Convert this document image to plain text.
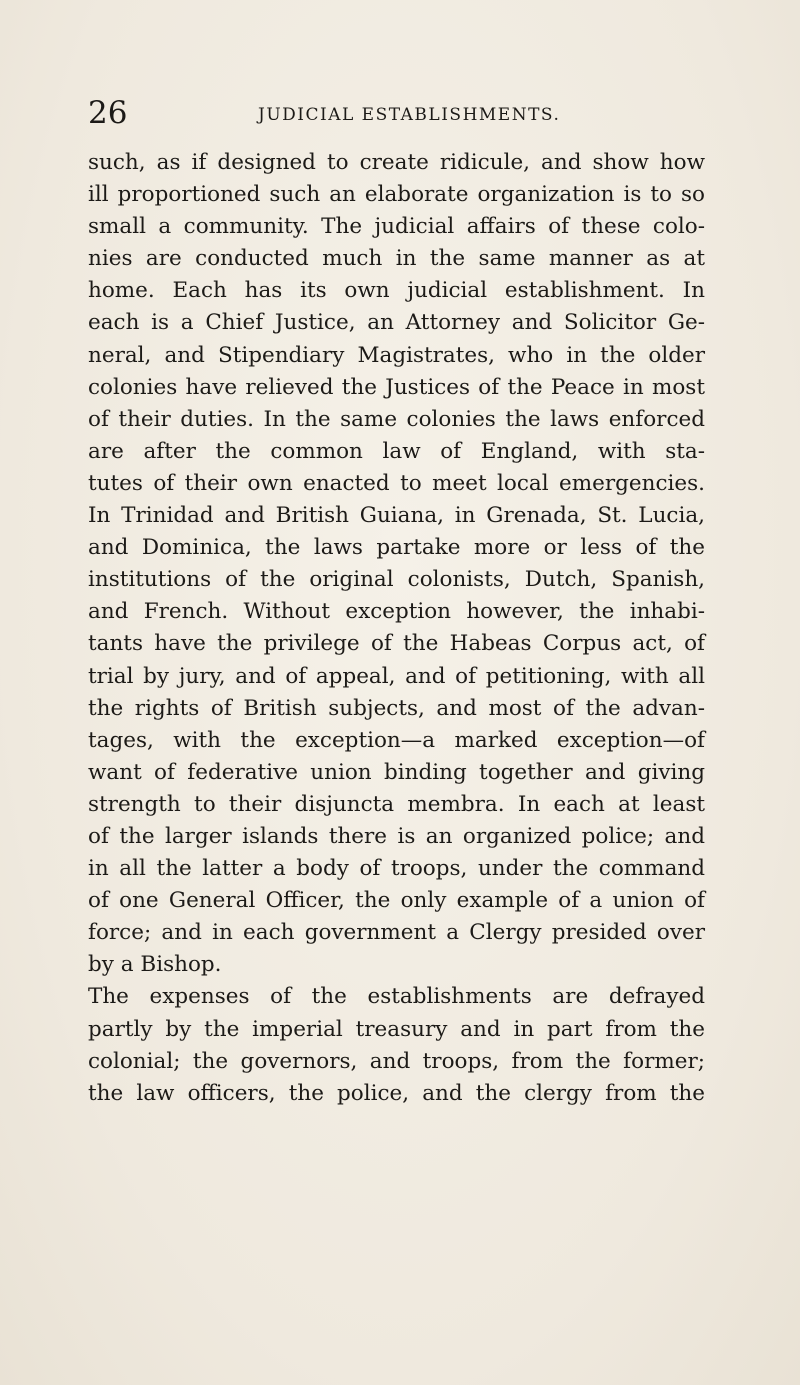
26	JUDICIAL ESTABLISHMENTS.
such, as if designed to create ridicule, and show how
ill proportioned such an elaborate organization is to so
small a community. The judicial affairs of these colo-
nies are conducted much in the same manner as at
home. Each has its own judicial establishment. In
each is a Chief Justice, an Attorney and Solicitor Ge-
neral, and Stipendiary Magistrates, who in the older
colonies have relieved the Justices of the Peace in most
of their duties. In the same colonies the laws enforced
are after the common law of England, with sta-
tutes of their own enacted to meet local emergencies.
In Trinidad and British Guiana, in Grenada, St. Lucia,
and Dominica, the laws partake more or less of the
institutions of the original colonists, Dutch, Spanish,
and French. Without exception however, the inhabi-
tants have the privilege of the Habeas Corpus act, of
trial by jury, and of appeal, and of petitioning, with all
the rights of British subjects, and most of the advan-
tages, with the exception—a marked exception—of
want of federative union binding together and giving
strength to their disjuncta membra. In each at least
of the larger islands there is an organized police; and
in all the latter a body of troops, under the command
of one General Officer, the only example of a union of
force; and in each government a Clergy presided over
by a Bishop.
The expenses of the establishments are defrayed
partly by the imperial treasury and in part from the
colonial; the governors, and troops, from the former;
the law officers, the police, and the clergy from the
